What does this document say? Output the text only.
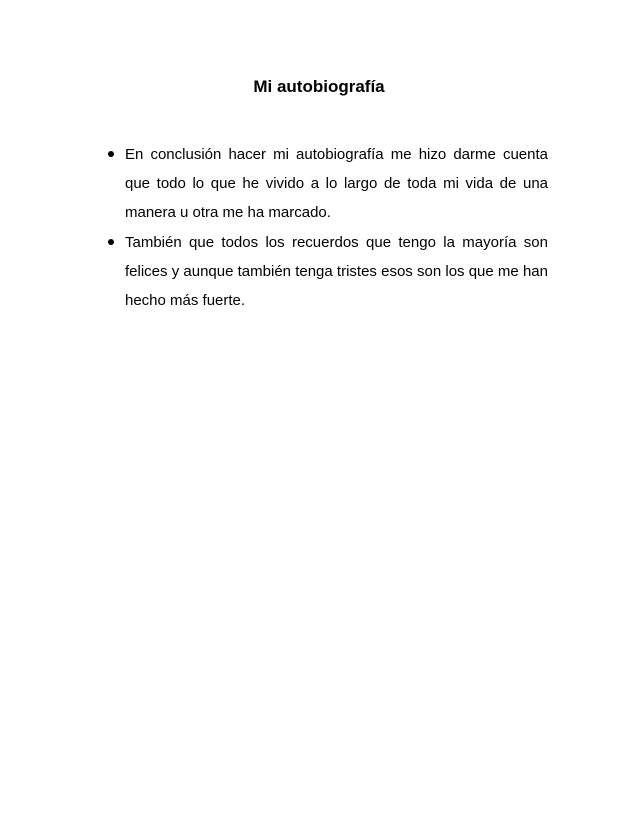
Mi autobiografía
En conclusión hacer mi autobiografía me hizo darme cuenta que todo lo que he vivido a lo largo de toda mi vida de una manera u otra me ha marcado.
También que todos los recuerdos que tengo la mayoría son felices y aunque también tenga tristes esos son los que me han hecho más fuerte.
